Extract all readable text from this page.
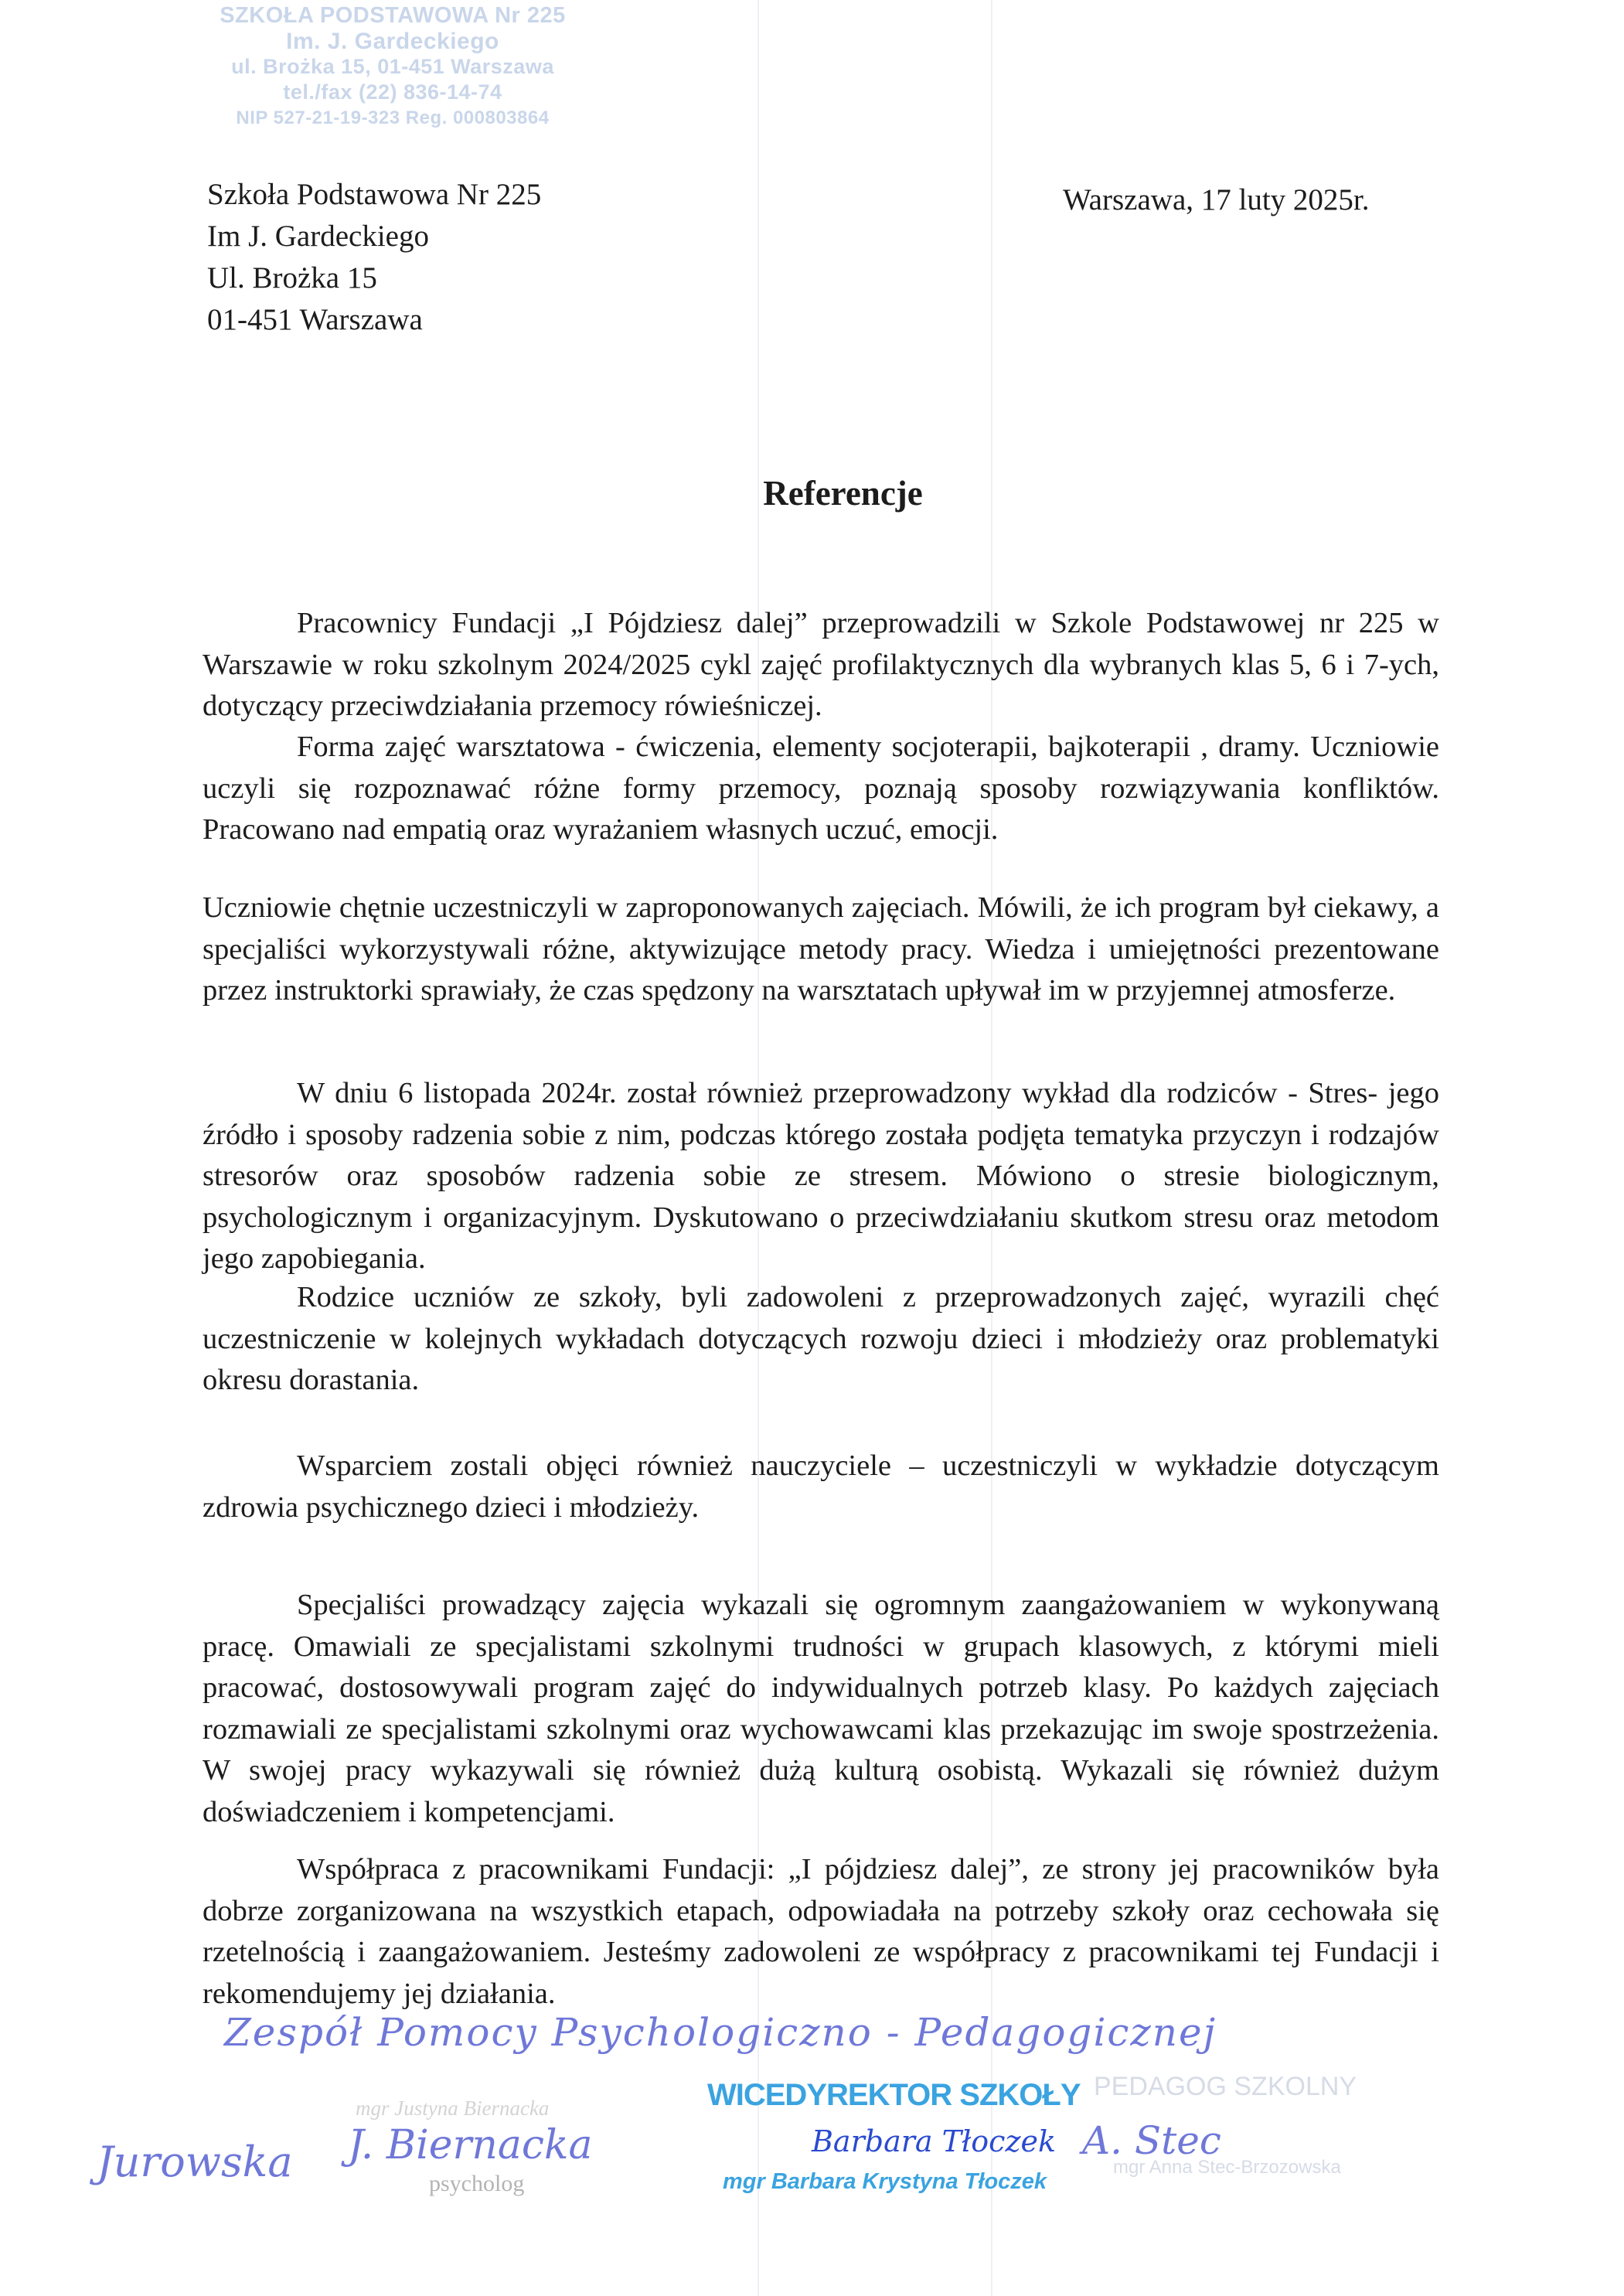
SZKOŁA PODSTAWOWA Nr 225
Im. J. Gardeckiego
ul. Brożka 15, 01-451 Warszawa
tel./fax (22) 836-14-74
NIP 527-21-19-323 Reg. 000803864
Szkoła Podstawowa Nr 225
Im J. Gardeckiego
Ul. Brożka 15
01-451 Warszawa
Warszawa, 17 luty 2025r.
Referencje

Pracownicy Fundacji „I Pójdziesz dalej” przeprowadzili w Szkole Podstawowej nr 225 w Warszawie w roku szkolnym 2024/2025 cykl zajęć profilaktycznych dla wybranych klas 5, 6 i 7-ych, dotyczący przeciwdziałania przemocy rówieśniczej.

Forma zajęć warsztatowa - ćwiczenia, elementy socjoterapii, bajkoterapii , dramy. Uczniowie uczyli się rozpoznawać różne formy przemocy, poznają sposoby rozwiązywania konfliktów. Pracowano nad empatią oraz wyrażaniem własnych uczuć, emocji.

Uczniowie chętnie uczestniczyli w zaproponowanych zajęciach. Mówili, że ich program był ciekawy, a specjaliści wykorzystywali różne, aktywizujące metody pracy. Wiedza i umiejętności prezentowane przez instruktorki sprawiały, że czas spędzony na warsztatach upływał im w przyjemnej atmosferze.

W dniu 6 listopada 2024r. został również przeprowadzony wykład dla rodziców - Stres- jego źródło i sposoby radzenia sobie z nim, podczas którego została podjęta tematyka przyczyn i rodzajów stresorów oraz sposobów radzenia sobie ze stresem. Mówiono o stresie biologicznym, psychologicznym i organizacyjnym. Dyskutowano o przeciwdziałaniu skutkom stresu oraz metodom jego zapobiegania.

Rodzice uczniów ze szkoły, byli zadowoleni z przeprowadzonych zajęć, wyrazili chęć uczestniczenie w kolejnych wykładach dotyczących rozwoju dzieci i młodzieży oraz problematyki okresu dorastania.

Wsparciem zostali objęci również nauczyciele – uczestniczyli w wykładzie dotyczącym zdrowia psychicznego dzieci i młodzieży.

Specjaliści prowadzący zajęcia wykazali się ogromnym zaangażowaniem w wykonywaną pracę. Omawiali ze specjalistami szkolnymi trudności w grupach klasowych, z którymi mieli pracować, dostosowywali program zajęć do indywidualnych potrzeb klasy. Po każdych zajęciach rozmawiali ze specjalistami szkolnymi oraz wychowawcami klas przekazując im swoje spostrzeżenia. W swojej pracy wykazywali się również dużą kulturą osobistą. Wykazali się również dużym doświadczeniem i kompetencjami.

Współpraca z pracownikami Fundacji: „I pójdziesz dalej”, ze strony jej pracowników była dobrze zorganizowana na wszystkich etapach, odpowiadała na potrzeby szkoły oraz cechowała się rzetelnością i zaangażowaniem. Jesteśmy zadowoleni ze współpracy z pracownikami tej Fundacji i rekomendujemy jej działania.

Zespół Pomocy Psychologiczno - Pedagogicznej
mgr Justyna Biernacka
Jurowska J. Biernacka
psycholog
WICEDYREKTOR SZKOŁY
Barbara Tłoczek
mgr Barbara Krystyna Tłoczek
PEDAGOG SZKOLNY
A. Stec
mgr Anna Stec-Brzozowska
